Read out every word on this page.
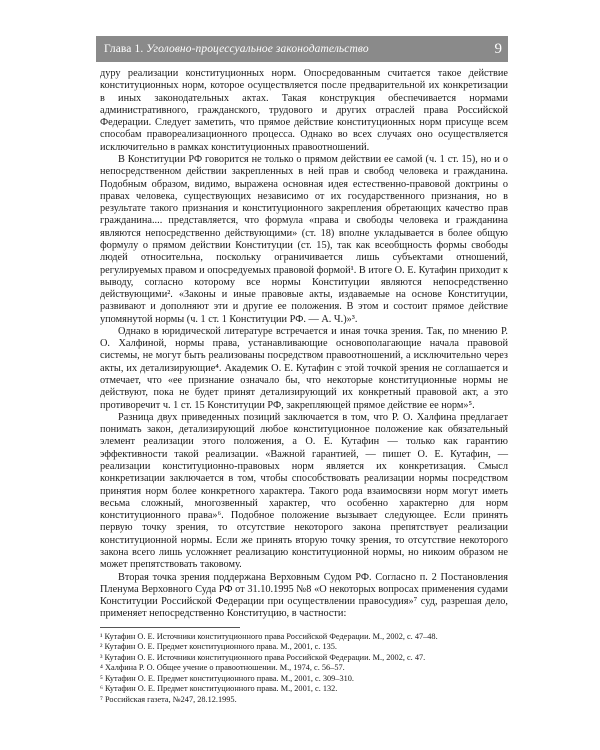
Глава 1. Уголовно-процессуальное законодательство	9

дуру реализации конституционных норм. Опосредованным считается такое действие конституционных норм, которое осуществляется после предварительной их конкретизации в иных законодательных актах. Такая конструкция обеспечивается нормами административного, гражданского, трудового и других отраслей права Российской Федерации. Следует заметить, что прямое действие конституционных норм присуще всем способам правореализационного процесса. Однако во всех случаях оно осуществляется исключительно в рамках конституционных правоотношений.

В Конституции РФ говорится не только о прямом действии ее самой (ч. 1 ст. 15), но и о непосредственном действии закрепленных в ней прав и свобод человека и гражданина. Подобным образом, видимо, выражена основная идея естественно-правовой доктрины о правах человека, существующих независимо от их государственного признания, но в результате такого признания и конституционного закрепления обретающих качество прав гражданина.... представляется, что формула «права и свободы человека и гражданина являются непосредственно действующими» (ст. 18) вполне укладывается в более общую формулу о прямом действии Конституции (ст. 15), так как всеобщность формы свободы людей относительна, поскольку ограничивается лишь субъектами отношений, регулируемых правом и опосредуемых правовой формой¹. В итоге О. Е. Кутафин приходит к выводу, согласно которому все нормы Конституции являются непосредственно действующими². «Законы и иные правовые акты, издаваемые на основе Конституции, развивают и дополняют эти и другие ее положения. В этом и состоит прямое действие упомянутой нормы (ч. 1 ст. 1 Конституции РФ. — А. Ч.)»³.

Однако в юридической литературе встречается и иная точка зрения. Так, по мнению Р. О. Халфиной, нормы права, устанавливающие основополагающие начала правовой системы, не могут быть реализованы посредством правоотношений, а исключительно через акты, их детализирующие⁴. Академик О. Е. Кутафин с этой точкой зрения не соглашается и отмечает, что «ее признание означало бы, что некоторые конституционные нормы не действуют, пока не будет принят детализирующий их конкретный правовой акт, а это противоречит ч. 1 ст. 15 Конституции РФ, закрепляющей прямое действие ее норм»⁵.

Разница двух приведенных позиций заключается в том, что Р. О. Халфина предлагает понимать закон, детализирующий любое конституционное положение как обязательный элемент реализации этого положения, а О. Е. Кутафин — только как гарантию эффективности такой реализации. «Важной гарантией, — пишет О. Е. Кутафин, — реализации конституционно-правовых норм является их конкретизация. Смысл конкретизации заключается в том, чтобы способствовать реализации нормы посредством принятия норм более конкретного характера. Такого рода взаимосвязи норм могут иметь весьма сложный, многозвенный характер, что особенно характерно для норм конституционного права»⁶. Подобное положение вызывает следующее. Если принять первую точку зрения, то отсутствие некоторого закона препятствует реализации конституционной нормы. Если же принять вторую точку зрения, то отсутствие некоторого закона всего лишь усложняет реализацию конституционной нормы, но никоим образом не может препятствовать таковому.

Вторая точка зрения поддержана Верховным Судом РФ. Согласно п. 2 Постановления Пленума Верховного Суда РФ от 31.10.1995 №8 «О некоторых вопросах применения судами Конституции Российской Федерации при осуществлении правосудия»⁷ суд, разрешая дело, применяет непосредственно Конституцию, в частности:

¹ Кутафин О. Е. Источники конституционного права Российской Федерации. М., 2002, с. 47–48.

² Кутафин О. Е. Предмет конституционного права. М., 2001, с. 135.

³ Кутафин О. Е. Источники конституционного права Российской Федерации. М., 2002, с. 47.

⁴ Халфина Р. О. Общее учение о правоотношении. М., 1974, с. 56–57.

⁵ Кутафин О. Е. Предмет конституционного права. М., 2001, с. 309–310.

⁶ Кутафин О. Е. Предмет конституционного права. М., 2001, с. 132.

⁷ Российская газета, №247, 28.12.1995.
